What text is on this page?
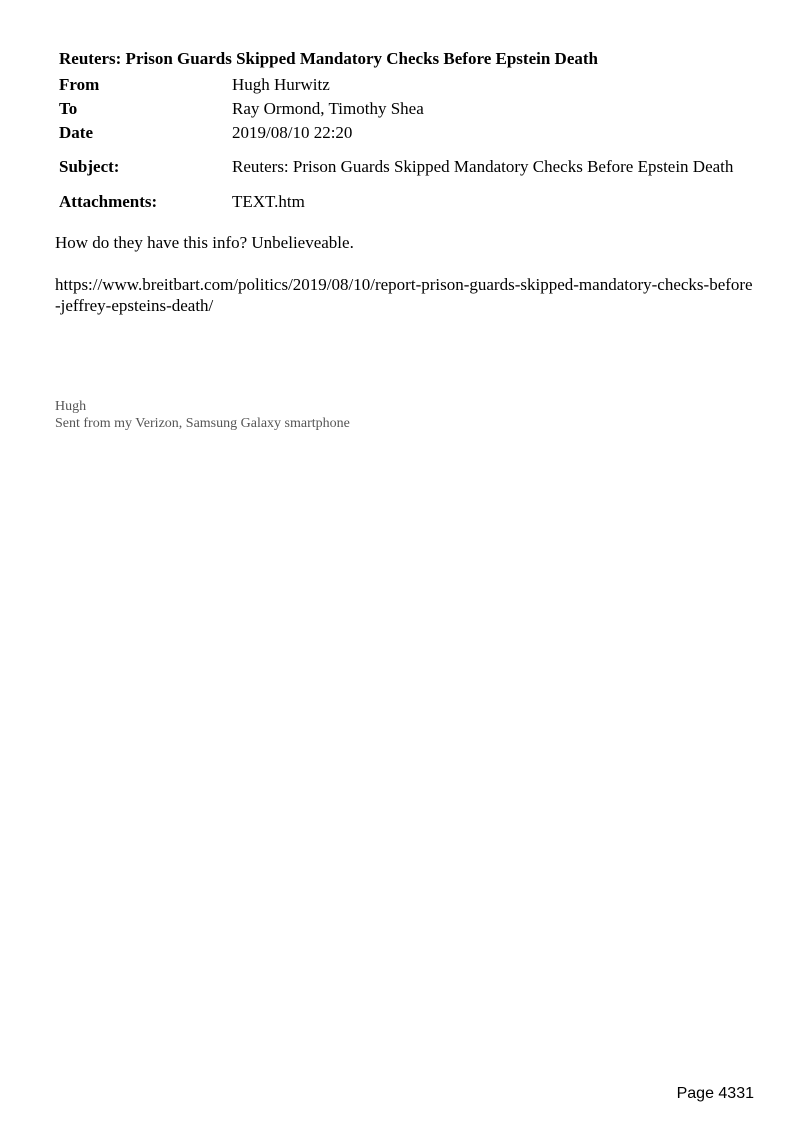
Reuters: Prison Guards Skipped Mandatory Checks Before Epstein Death
From	Hugh Hurwitz
To	Ray Ormond, Timothy Shea
Date	2019/08/10 22:20
Subject:	Reuters: Prison Guards Skipped Mandatory Checks Before Epstein Death
Attachments:	TEXT.htm
How do they have this info? Unbelieveable.
https://www.breitbart.com/politics/2019/08/10/report-prison-guards-skipped-mandatory-checks-before-jeffrey-epsteins-death/
Hugh
Sent from my Verizon, Samsung Galaxy smartphone
Page 4331
